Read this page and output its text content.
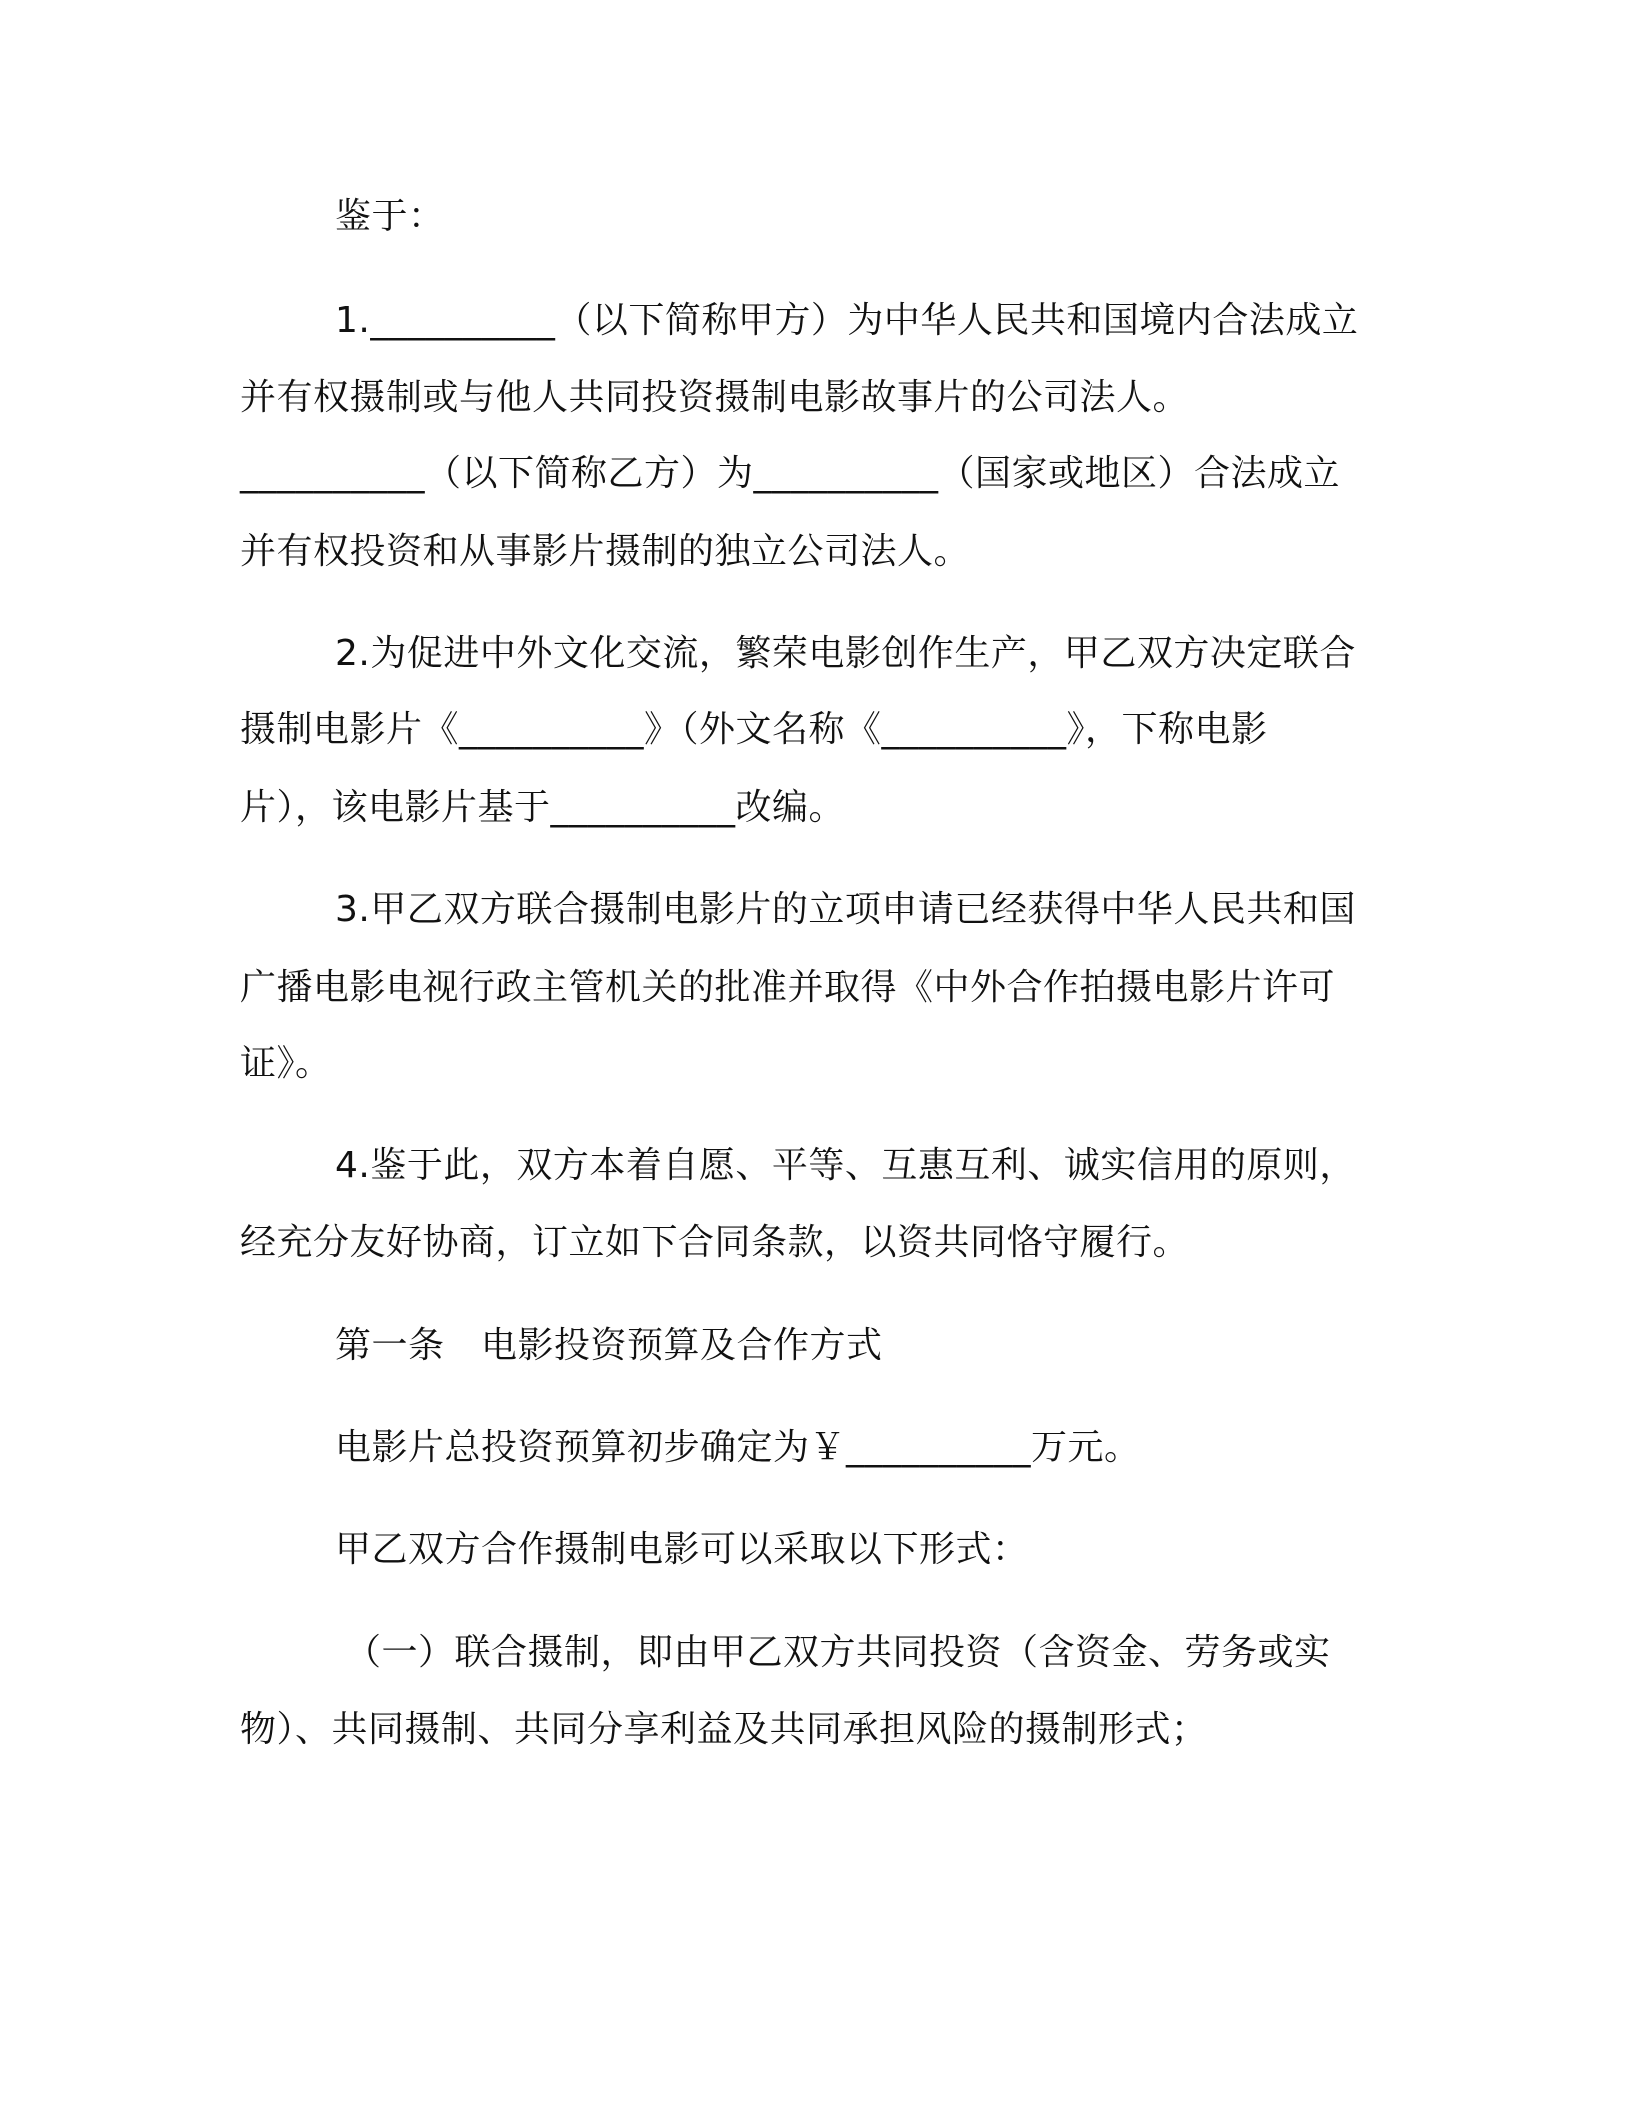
鉴于：
1.__________（以下简称甲方）为中华人民共和国境内合法成立
并有权摄制或与他人共同投资摄制电影故事片的公司法人。
__________（以下简称乙方）为__________（国家或地区）合法成立
并有权投资和从事影片摄制的独立公司法人。
2.为促进中外文化交流，繁荣电影创作生产，甲乙双方决定联合
摄制电影片《__________》（外文名称《__________》，下称电影
片），该电影片基于__________改编。
3.甲乙双方联合摄制电影片的立项申请已经获得中华人民共和国
广播电影电视行政主管机关的批准并取得《中外合作拍摄电影片许可
证》。
4.鉴于此，双方本着自愿、平等、互惠互利、诚实信用的原则，
经充分友好协商，订立如下合同条款，以资共同恪守履行。
第一条　电影投资预算及合作方式
电影片总投资预算初步确定为￥__________万元。
甲乙双方合作摄制电影可以采取以下形式：
（一）联合摄制，即由甲乙双方共同投资（含资金、劳务或实
物）、共同摄制、共同分享利益及共同承担风险的摄制形式；
